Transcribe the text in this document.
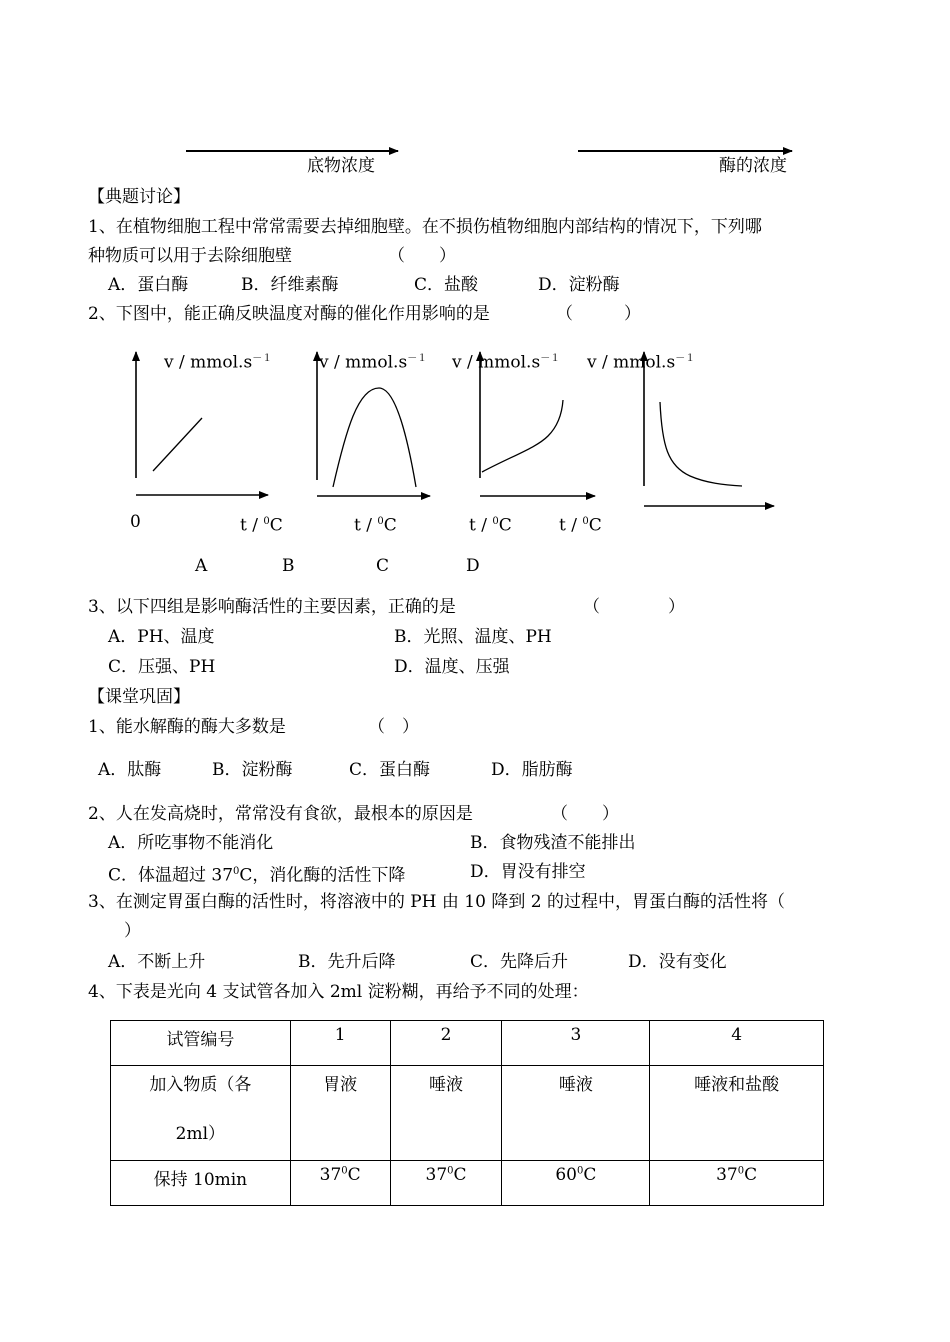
底物浓度	酶的浓度
【典题讨论】
1、在植物细胞工程中常常需要去掉细胞壁。在不损伤植物细胞内部结构的情况下，下列哪
种物质可以用于去除细胞壁	（　　）
A．蛋白酶	B．纤维素酶	C．盐酸	D．淀粉酶
2、下图中，能正确反映温度对酶的催化作用影响的是	（　　　）
v / $mmol.s^{-1}$	v / $mmol.s^{-1}$ v / $mmol.s^{-1}$ v / $mmol.s^{-1}$
0	t / $^0$C	t / $^0$C	t / $^0$C	t / $^0$C
A	B	C	D
3、以下四组是影响酶活性的主要因素，正确的是	（　　　　）
A．PH、温度	B．光照、温度、PH
C．压强、PH	D．温度、压强
【课堂巩固】
1、能水解酶的酶大多数是	（　）
A．肽酶	B．淀粉酶	C．蛋白酶	D．脂肪酶
2、人在发高烧时，常常没有食欲，最根本的原因是	（　　）
A．所吃事物不能消化	B．食物残渣不能排出
C．体温超过 $37^0C$，消化酶的活性下降	D．胃没有排空
3、在测定胃蛋白酶的活性时，将溶液中的 PH 由 10 降到 2 的过程中，胃蛋白酶的活性将（
）
A．不断上升	B．先升后降	C．先降后升	D．没有变化
4、下表是光向 4 支试管各加入 2ml 淀粉糊，再给予不同的处理：
试管编号	1	2	3	4

加入物质（各
2ml）	胃液	唾液	唾液	唾液和盐酸
保持 10min	$37^0C$	$37^0C$	$60^0C$	$37^0C$
